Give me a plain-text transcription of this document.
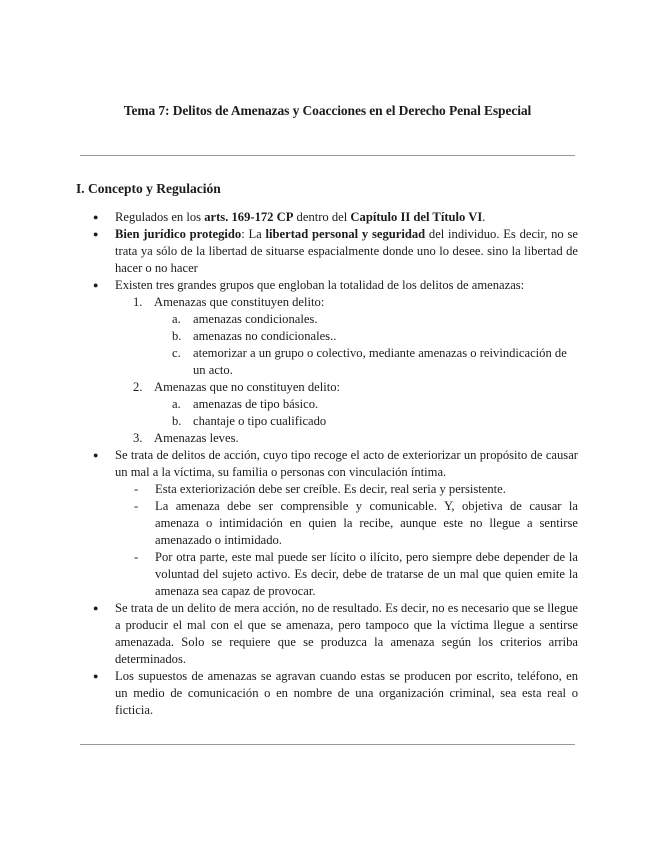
Tema 7: Delitos de Amenazas y Coacciones en el Derecho Penal Especial
I. Concepto y Regulación
● Regulados en los arts. 169-172 CP dentro del Capítulo II del Título VI.
● Bien jurídico protegido: La libertad personal y seguridad del individuo. Es decir, no se trata ya sólo de la libertad de situarse espacialmente donde uno lo desee. sino la libertad de hacer o no hacer
● Existen tres grandes grupos que engloban la totalidad de los delitos de amenazas:
1. Amenazas que constituyen delito:
a. amenazas condicionales.
b. amenazas no condicionales..
c. atemorizar a un grupo o colectivo, mediante amenazas o reivindicación de un acto.
2. Amenazas que no constituyen delito:
a. amenazas de tipo básico.
b. chantaje o tipo cualificado
3. Amenazas leves.
● Se trata de delitos de acción, cuyo tipo recoge el acto de exteriorizar un propósito de causar un mal a la víctima, su familia o personas con vinculación íntima.
- Esta exteriorización debe ser creíble. Es decir, real seria y persistente.
- La amenaza debe ser comprensible y comunicable. Y, objetiva de causar la amenaza o intimidación en quien la recibe, aunque este no llegue a sentirse amenazado o intimidado.
- Por otra parte, este mal puede ser lícito o ilícito, pero siempre debe depender de la voluntad del sujeto activo. Es decir, debe de tratarse de un mal que quien emite la amenaza sea capaz de provocar.
● Se trata de un delito de mera acción, no de resultado. Es decir, no es necesario que se llegue a producir el mal con el que se amenaza, pero tampoco que la víctima llegue a sentirse amenazada. Solo se requiere que se produzca la amenaza según los criterios arriba determinados.
● Los supuestos de amenazas se agravan cuando estas se producen por escrito, teléfono, en un medio de comunicación o en nombre de una organización criminal, sea esta real o ficticia.
